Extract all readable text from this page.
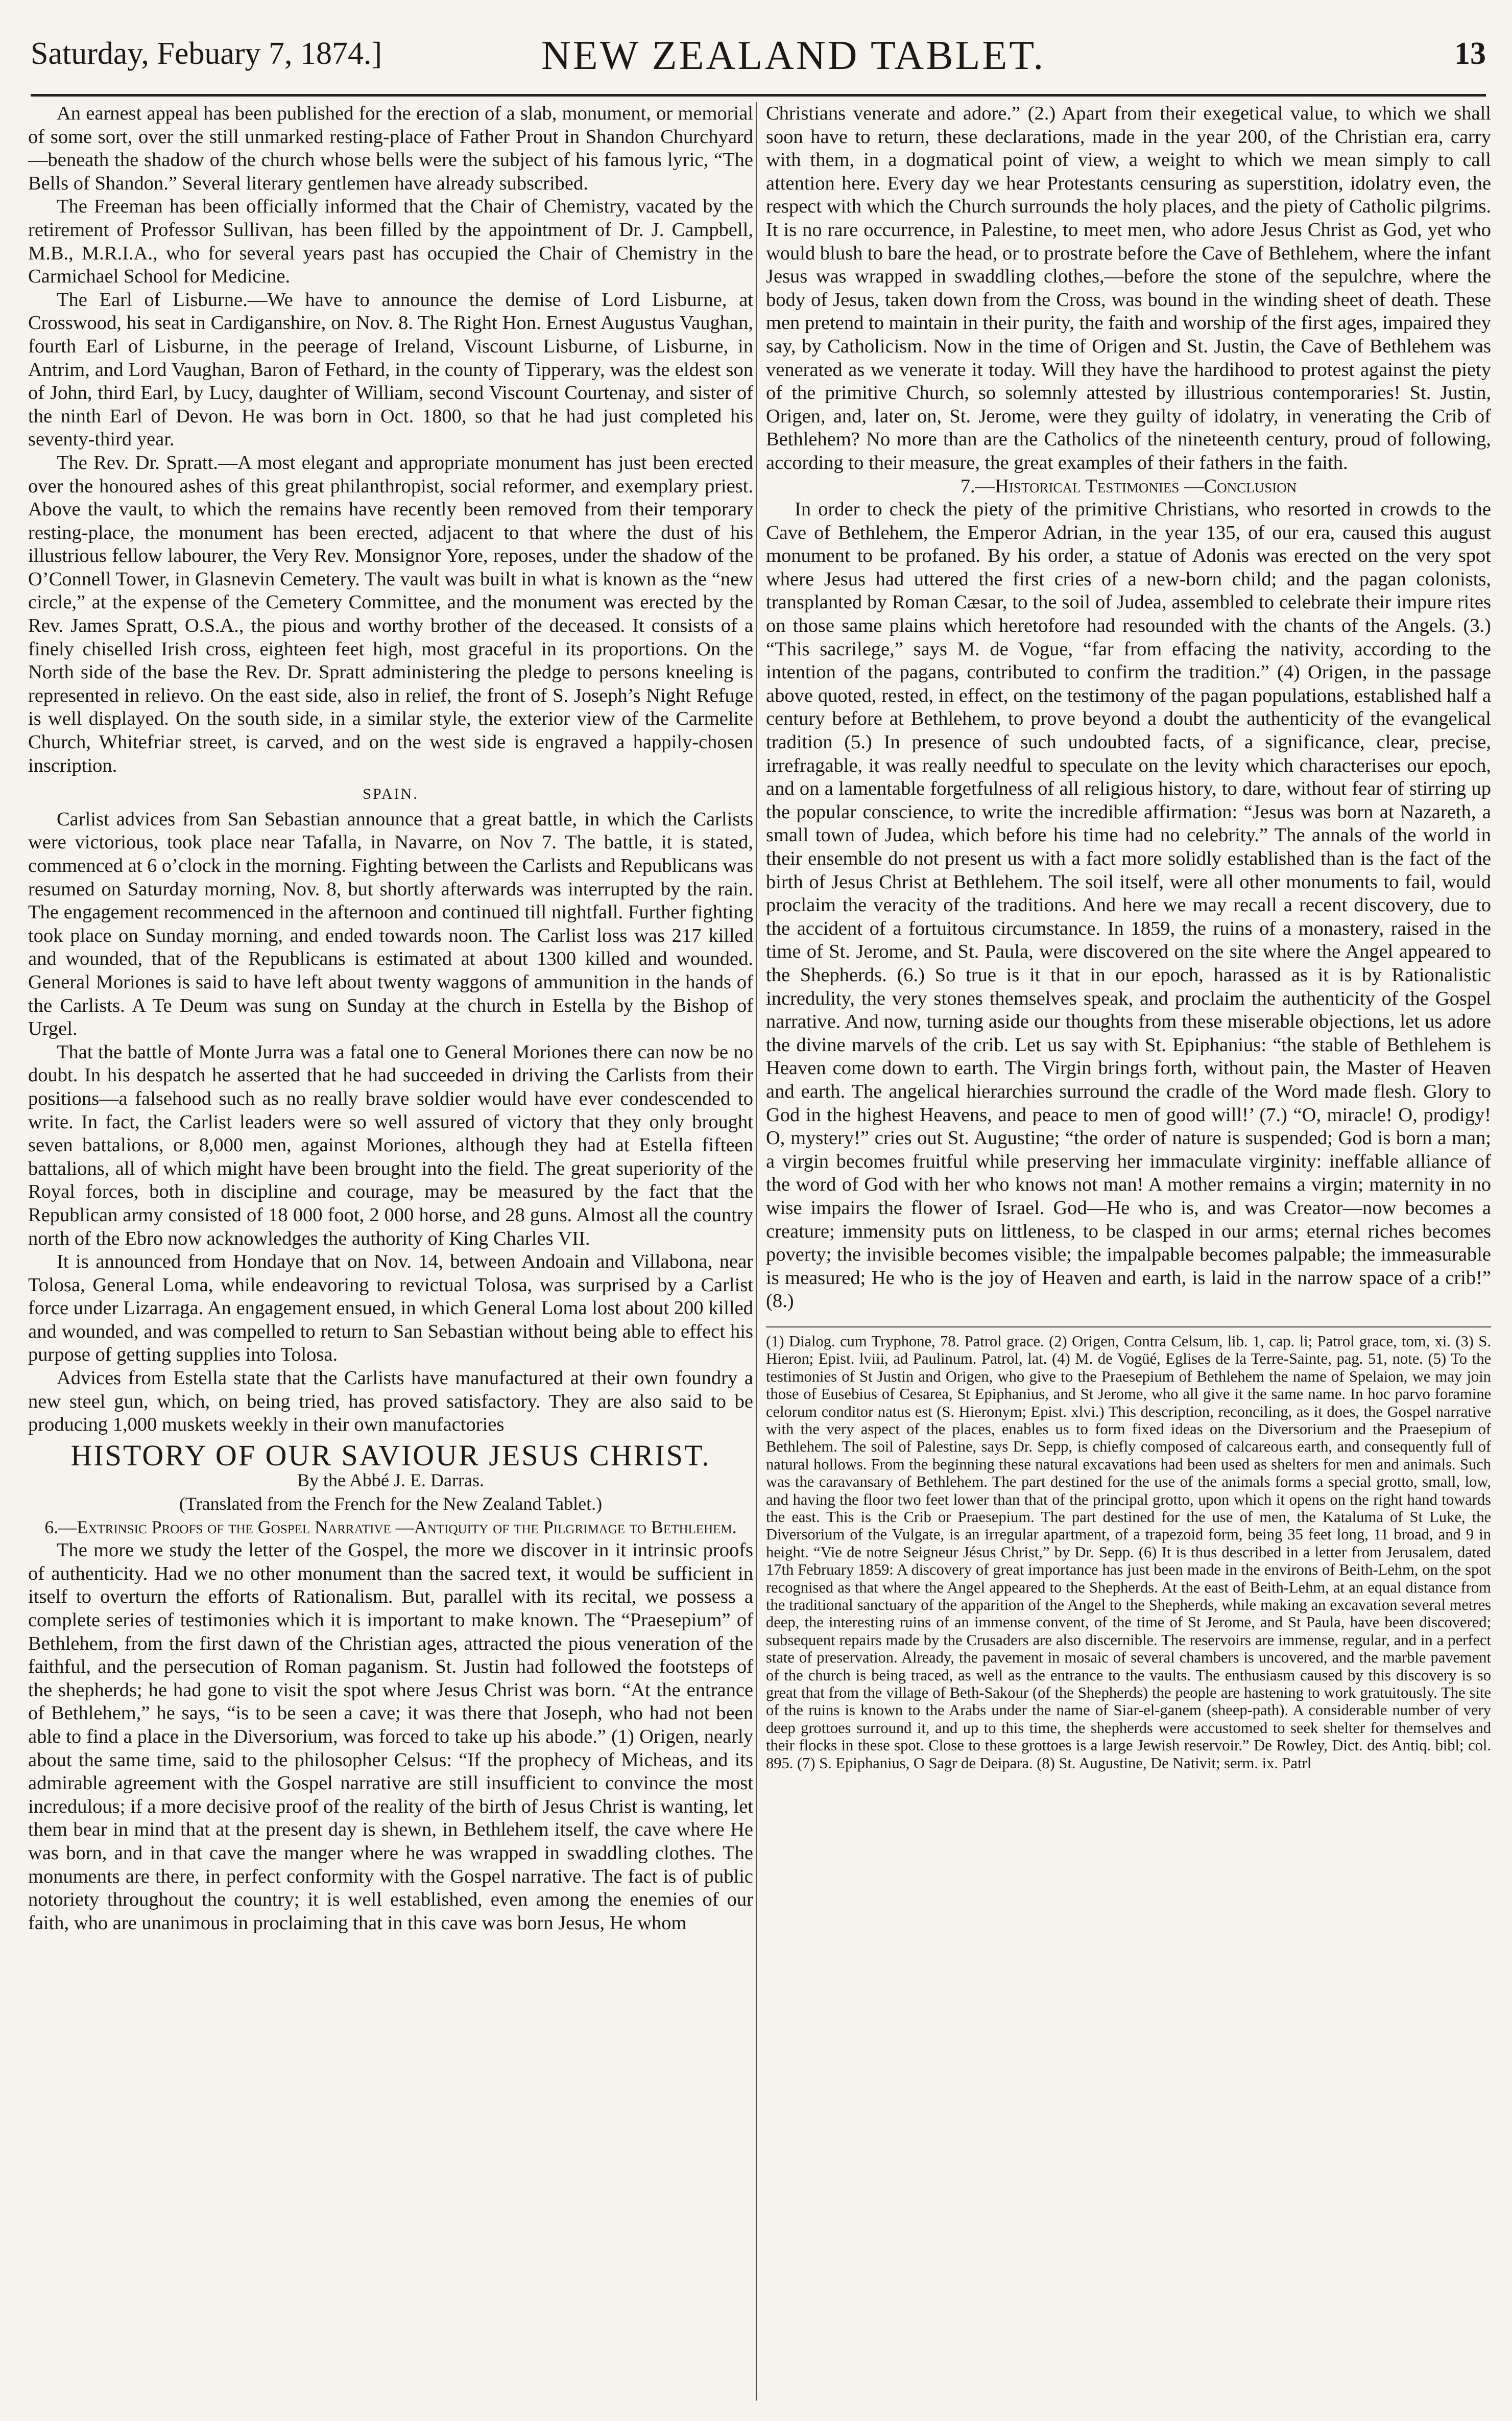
Saturday, Febuary 7, 1874.]	NEW ZEALAND TABLET.	13

An earnest appeal has been published for the erection of a slab, monument, or memorial of some sort, over the still unmarked resting-place of Father Prout in Shandon Churchyard—beneath the shadow of the church whose bells were the subject of his famous lyric, “The Bells of Shandon.” Several literary gentlemen have already subscribed.

The Freeman has been officially informed that the Chair of Chemistry, vacated by the retirement of Professor Sullivan, has been filled by the appointment of Dr. J. Campbell, M.B., M.R.I.A., who for several years past has occupied the Chair of Chemistry in the Carmichael School for Medicine.

The Earl of Lisburne.—We have to announce the demise of Lord Lisburne, at Crosswood, his seat in Cardiganshire, on Nov. 8. The Right Hon. Ernest Augustus Vaughan, fourth Earl of Lisburne, in the peerage of Ireland, Viscount Lisburne, of Lisburne, in Antrim, and Lord Vaughan, Baron of Fethard, in the county of Tipperary, was the eldest son of John, third Earl, by Lucy, daughter of William, second Viscount Courtenay, and sister of the ninth Earl of Devon. He was born in Oct. 1800, so that he had just completed his seventy-third year.

The Rev. Dr. Spratt.—A most elegant and appropriate monument has just been erected over the honoured ashes of this great philanthropist, social reformer, and exemplary priest. Above the vault, to which the remains have recently been removed from their temporary resting-place, the monument has been erected, adjacent to that where the dust of his illustrious fellow labourer, the Very Rev. Monsignor Yore, reposes, under the shadow of the O’Connell Tower, in Glasnevin Cemetery. The vault was built in what is known as the “new circle,” at the expense of the Cemetery Committee, and the monument was erected by the Rev. James Spratt, O.S.A., the pious and worthy brother of the deceased. It consists of a finely chiselled Irish cross, eighteen feet high, most graceful in its proportions. On the North side of the base the Rev. Dr. Spratt administering the pledge to persons kneeling is represented in relievo. On the east side, also in relief, the front of S. Joseph’s Night Refuge is well displayed. On the south side, in a similar style, the exterior view of the Carmelite Church, Whitefriar street, is carved, and on the west side is engraved a happily-chosen inscription.

SPAIN.

Carlist advices from San Sebastian announce that a great battle, in which the Carlists were victorious, took place near Tafalla, in Navarre, on Nov 7. The battle, it is stated, commenced at 6 o’clock in the morning. Fighting between the Carlists and Republicans was resumed on Saturday morning, Nov. 8, but shortly afterwards was interrupted by the rain. The engagement recommenced in the afternoon and continued till nightfall. Further fighting took place on Sunday morning, and ended towards noon. The Carlist loss was 217 killed and wounded, that of the Republicans is estimated at about 1300 killed and wounded. General Moriones is said to have left about twenty waggons of ammunition in the hands of the Carlists. A Te Deum was sung on Sunday at the church in Estella by the Bishop of Urgel.

That the battle of Monte Jurra was a fatal one to General Moriones there can now be no doubt. In his despatch he asserted that he had succeeded in driving the Carlists from their positions—a falsehood such as no really brave soldier would have ever condescended to write. In fact, the Carlist leaders were so well assured of victory that they only brought seven battalions, or 8,000 men, against Moriones, although they had at Estella fifteen battalions, all of which might have been brought into the field. The great superiority of the Royal forces, both in discipline and courage, may be measured by the fact that the Republican army consisted of 18 000 foot, 2 000 horse, and 28 guns. Almost all the country north of the Ebro now acknowledges the authority of King Charles VII.

It is announced from Hondaye that on Nov. 14, between Andoain and Villabona, near Tolosa, General Loma, while endeavoring to revictual Tolosa, was surprised by a Carlist force under Lizarraga. An engagement ensued, in which General Loma lost about 200 killed and wounded, and was compelled to return to San Sebastian without being able to effect his purpose of getting supplies into Tolosa.

Advices from Estella state that the Carlists have manufactured at their own foundry a new steel gun, which, on being tried, has proved satisfactory. They are also said to be producing 1,000 muskets weekly in their own manufactories

HISTORY OF OUR SAVIOUR JESUS CHRIST.
By the Abbé J. E. Darras.
(Translated from the French for the New Zealand Tablet.)
6.—Extrinsic Proofs of the Gospel Narrative —Antiquity of the Pilgrimage to Bethlehem.

The more we study the letter of the Gospel, the more we discover in it intrinsic proofs of authenticity. Had we no other monument than the sacred text, it would be sufficient in itself to overturn the efforts of Rationalism. But, parallel with its recital, we possess a complete series of testimonies which it is important to make known. The “Praesepium” of Bethlehem, from the first dawn of the Christian ages, attracted the pious veneration of the faithful, and the persecution of Roman paganism. St. Justin had followed the footsteps of the shepherds; he had gone to visit the spot where Jesus Christ was born. “At the entrance of Bethlehem,” he says, “is to be seen a cave; it was there that Joseph, who had not been able to find a place in the Diversorium, was forced to take up his abode.” (1) Origen, nearly about the same time, said to the philosopher Celsus: “If the prophecy of Micheas, and its admirable agreement with the Gospel narrative are still insufficient to convince the most incredulous; if a more decisive proof of the reality of the birth of Jesus Christ is wanting, let them bear in mind that at the present day is shewn, in Bethlehem itself, the cave where He was born, and in that cave the manger where he was wrapped in swaddling clothes. The monuments are there, in perfect conformity with the Gospel narrative. The fact is of public notoriety throughout the country; it is well established, even among the enemies of our faith, who are unanimous in proclaiming that in this cave was born Jesus, He whom

Christians venerate and adore.” (2.) Apart from their exegetical value, to which we shall soon have to return, these declarations, made in the year 200, of the Christian era, carry with them, in a dogmatical point of view, a weight to which we mean simply to call attention here. Every day we hear Protestants censuring as superstition, idolatry even, the respect with which the Church surrounds the holy places, and the piety of Catholic pilgrims. It is no rare occurrence, in Palestine, to meet men, who adore Jesus Christ as God, yet who would blush to bare the head, or to prostrate before the Cave of Bethlehem, where the infant Jesus was wrapped in swaddling clothes,—before the stone of the sepulchre, where the body of Jesus, taken down from the Cross, was bound in the winding sheet of death. These men pretend to maintain in their purity, the faith and worship of the first ages, impaired they say, by Catholicism. Now in the time of Origen and St. Justin, the Cave of Bethlehem was venerated as we venerate it today. Will they have the hardihood to protest against the piety of the primitive Church, so solemnly attested by illustrious contemporaries! St. Justin, Origen, and, later on, St. Jerome, were they guilty of idolatry, in venerating the Crib of Bethlehem? No more than are the Catholics of the nineteenth century, proud of following, according to their measure, the great examples of their fathers in the faith.

7.—Historical Testimonies —Conclusion

In order to check the piety of the primitive Christians, who resorted in crowds to the Cave of Bethlehem, the Emperor Adrian, in the year 135, of our era, caused this august monument to be profaned. By his order, a statue of Adonis was erected on the very spot where Jesus had uttered the first cries of a new-born child; and the pagan colonists, transplanted by Roman Cæsar, to the soil of Judea, assembled to celebrate their impure rites on those same plains which heretofore had resounded with the chants of the Angels. (3.) “This sacrilege,” says M. de Vogue, “far from effacing the nativity, according to the intention of the pagans, contributed to confirm the tradition.” (4) Origen, in the passage above quoted, rested, in effect, on the testimony of the pagan populations, established half a century before at Bethlehem, to prove beyond a doubt the authenticity of the evangelical tradition (5.) In presence of such undoubted facts, of a significance, clear, precise, irrefragable, it was really needful to speculate on the levity which characterises our epoch, and on a lamentable forgetfulness of all religious history, to dare, without fear of stirring up the popular conscience, to write the incredible affirmation: “Jesus was born at Nazareth, a small town of Judea, which before his time had no celebrity.” The annals of the world in their ensemble do not present us with a fact more solidly established than is the fact of the birth of Jesus Christ at Bethlehem. The soil itself, were all other monuments to fail, would proclaim the veracity of the traditions. And here we may recall a recent discovery, due to the accident of a fortuitous circumstance. In 1859, the ruins of a monastery, raised in the time of St. Jerome, and St. Paula, were discovered on the site where the Angel appeared to the Shepherds. (6.) So true is it that in our epoch, harassed as it is by Rationalistic incredulity, the very stones themselves speak, and proclaim the authenticity of the Gospel narrative. And now, turning aside our thoughts from these miserable objections, let us adore the divine marvels of the crib. Let us say with St. Epiphanius: “the stable of Bethlehem is Heaven come down to earth. The Virgin brings forth, without pain, the Master of Heaven and earth. The angelical hierarchies surround the cradle of the Word made flesh. Glory to God in the highest Heavens, and peace to men of good will!’ (7.) “O, miracle! O, prodigy! O, mystery!” cries out St. Augustine; “the order of nature is suspended; God is born a man; a virgin becomes fruitful while preserving her immaculate virginity: ineffable alliance of the word of God with her who knows not man! A mother remains a virgin; maternity in no wise impairs the flower of Israel. God—He who is, and was Creator—now becomes a creature; immensity puts on littleness, to be clasped in our arms; eternal riches becomes poverty; the invisible becomes visible; the impalpable becomes palpable; the immeasurable is measured; He who is the joy of Heaven and earth, is laid in the narrow space of a crib!” (8.)

(1) Dialog. cum Tryphone, 78. Patrol grace. (2) Origen, Contra Celsum, lib. 1, cap. li; Patrol grace, tom, xi. (3) S. Hieron; Epist. lviii, ad Paulinum. Patrol, lat. (4) M. de Vogüé, Eglises de la Terre-Sainte, pag. 51, note. (5) To the testimonies of St Justin and Origen, who give to the Praesepium of Bethlehem the name of Spelaion, we may join those of Eusebius of Cesarea, St Epiphanius, and St Jerome, who all give it the same name. In hoc parvo foramine celorum conditor natus est (S. Hieronym; Epist. xlvi.) This description, reconciling, as it does, the Gospel narrative with the very aspect of the places, enables us to form fixed ideas on the Diversorium and the Praesepium of Bethlehem. The soil of Palestine, says Dr. Sepp, is chiefly composed of calcareous earth, and consequently full of natural hollows. From the beginning these natural excavations had been used as shelters for men and animals. Such was the caravansary of Bethlehem. The part destined for the use of the animals forms a special grotto, small, low, and having the floor two feet lower than that of the principal grotto, upon which it opens on the right hand towards the east. This is the Crib or Praesepium. The part destined for the use of men, the Kataluma of St Luke, the Diversorium of the Vulgate, is an irregular apartment, of a trapezoid form, being 35 feet long, 11 broad, and 9 in height. “Vie de notre Seigneur Jésus Christ,” by Dr. Sepp. (6) It is thus described in a letter from Jerusalem, dated 17th February 1859: A discovery of great importance has just been made in the environs of Beith-Lehm, on the spot recognised as that where the Angel appeared to the Shepherds. At the east of Beith-Lehm, at an equal distance from the traditional sanctuary of the apparition of the Angel to the Shepherds, while making an excavation several metres deep, the interesting ruins of an immense convent, of the time of St Jerome, and St Paula, have been discovered; subsequent repairs made by the Crusaders are also discernible. The reservoirs are immense, regular, and in a perfect state of preservation. Already, the pavement in mosaic of several chambers is uncovered, and the marble pavement of the church is being traced, as well as the entrance to the vaults. The enthusiasm caused by this discovery is so great that from the village of Beth-Sakour (of the Shepherds) the people are hastening to work gratuitously. The site of the ruins is known to the Arabs under the name of Siar-el-ganem (sheep-path). A considerable number of very deep grottoes surround it, and up to this time, the shepherds were accustomed to seek shelter for themselves and their flocks in these spot. Close to these grottoes is a large Jewish reservoir.” De Rowley, Dict. des Antiq. bibl; col. 895. (7) S. Epiphanius, O Sagr de Deipara. (8) St. Augustine, De Nativit; serm. ix. Patrl
